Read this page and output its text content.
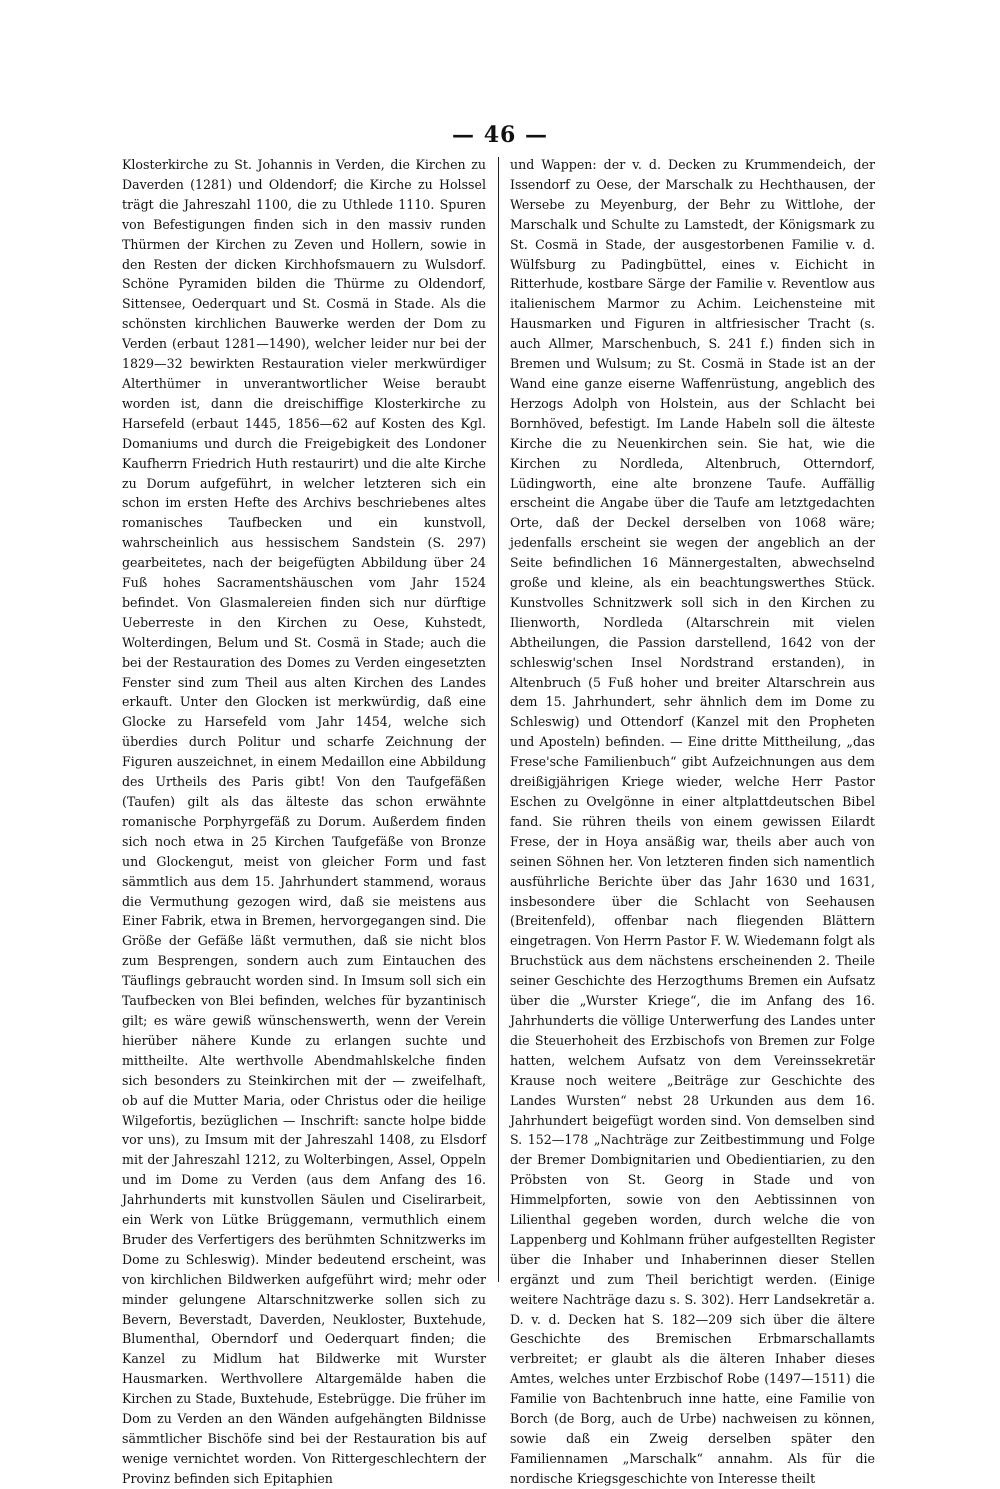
— 46 —

Klosterkirche zu St. Johannis in Verden, die Kirchen zu Daverden (1281) und Oldendorf; die Kirche zu Holssel trägt die Jahreszahl 1100, die zu Uthlede 1110. Spuren von Befestigungen finden sich in den massiv runden Thürmen der Kirchen zu Zeven und Hollern, sowie in den Resten der dicken Kirchhofsmauern zu Wulsdorf. Schöne Pyramiden bilden die Thürme zu Oldendorf, Sittensee, Oederquart und St. Cosmä in Stade. Als die schönsten kirchlichen Bauwerke werden der Dom zu Verden (erbaut 1281—1490), welcher leider nur bei der 1829—32 bewirkten Restauration vieler merkwürdiger Alterthümer in unverantwortlicher Weise beraubt worden ist, dann die dreischiffige Klosterkirche zu Harsefeld (erbaut 1445, 1856—62 auf Kosten des Kgl. Domaniums und durch die Freigebigkeit des Londoner Kaufherrn Friedrich Huth restaurirt) und die alte Kirche zu Dorum aufgeführt, in welcher letzteren sich ein schon im ersten Hefte des Archivs beschriebenes altes romanisches Taufbecken und ein kunstvoll, wahrscheinlich aus hessischem Sandstein (S. 297) gearbeitetes, nach der beigefügten Abbildung über 24 Fuß hohes Sacramentshäuschen vom Jahr 1524 befindet. Von Glasmalereien finden sich nur dürftige Ueberreste in den Kirchen zu Oese, Kuhstedt, Wolterdingen, Belum und St. Cosmä in Stade; auch die bei der Restauration des Domes zu Verden eingesetzten Fenster sind zum Theil aus alten Kirchen des Landes erkauft. Unter den Glocken ist merkwürdig, daß eine Glocke zu Harsefeld vom Jahr 1454, welche sich überdies durch Politur und scharfe Zeichnung der Figuren auszeichnet, in einem Medaillon eine Abbildung des Urtheils des Paris gibt! Von den Taufgefäßen (Taufen) gilt als das älteste das schon erwähnte romanische Porphyrgefäß zu Dorum. Außerdem finden sich noch etwa in 25 Kirchen Taufgefäße von Bronze und Glockengut, meist von gleicher Form und fast sämmtlich aus dem 15. Jahrhundert stammend, woraus die Vermuthung gezogen wird, daß sie meistens aus Einer Fabrik, etwa in Bremen, hervorgegangen sind. Die Größe der Gefäße läßt vermuthen, daß sie nicht blos zum Besprengen, sondern auch zum Eintauchen des Täuflings gebraucht worden sind. In Imsum soll sich ein Taufbecken von Blei befinden, welches für byzantinisch gilt; es wäre gewiß wünschenswerth, wenn der Verein hierüber nähere Kunde zu erlangen suchte und mittheilte. Alte werthvolle Abendmahlskelche finden sich besonders zu Steinkirchen mit der — zweifelhaft, ob auf die Mutter Maria, oder Christus oder die heilige Wilgefortis, bezüglichen — Inschrift: sancte holpe bidde vor uns), zu Imsum mit der Jahreszahl 1408, zu Elsdorf mit der Jahreszahl 1212, zu Wolterbingen, Assel, Oppeln und im Dome zu Verden (aus dem Anfang des 16. Jahrhunderts mit kunstvollen Säulen und Ciselirarbeit, ein Werk von Lütke Brüggemann, vermuthlich einem Bruder des Verfertigers des berühmten Schnitzwerks im Dome zu Schleswig). Minder bedeutend erscheint, was von kirchlichen Bildwerken aufgeführt wird; mehr oder minder gelungene Altarschnitzwerke sollen sich zu Bevern, Beverstadt, Daverden, Neukloster, Buxtehude, Blumenthal, Oberndorf und Oederquart finden; die Kanzel zu Midlum hat Bildwerke mit Wurster Hausmarken. Werthvollere Altargemälde haben die Kirchen zu Stade, Buxtehude, Estebrügge. Die früher im Dom zu Verden an den Wänden aufgehängten Bildnisse sämmtlicher Bischöfe sind bei der Restauration bis auf wenige vernichtet worden. Von Rittergeschlechtern der Provinz befinden sich Epitaphien

und Wappen: der v. d. Decken zu Krummendeich, der Issendorf zu Oese, der Marschalk zu Hechthausen, der Wersebe zu Meyenburg, der Behr zu Wittlohe, der Marschalk und Schulte zu Lamstedt, der Königsmark zu St. Cosmä in Stade, der ausgestorbenen Familie v. d. Wülfsburg zu Padingbüttel, eines v. Eichicht in Ritterhude, kostbare Särge der Familie v. Reventlow aus italienischem Marmor zu Achim. Leichensteine mit Hausmarken und Figuren in altfriesischer Tracht (s. auch Allmer, Marschenbuch, S. 241 f.) finden sich in Bremen und Wulsum; zu St. Cosmä in Stade ist an der Wand eine ganze eiserne Waffenrüstung, angeblich des Herzogs Adolph von Holstein, aus der Schlacht bei Bornhöved, befestigt. Im Lande Habeln soll die älteste Kirche die zu Neuenkirchen sein. Sie hat, wie die Kirchen zu Nordleda, Altenbruch, Otterndorf, Lüdingworth, eine alte bronzene Taufe. Auffällig erscheint die Angabe über die Taufe am letztgedachten Orte, daß der Deckel derselben von 1068 wäre; jedenfalls erscheint sie wegen der angeblich an der Seite befindlichen 16 Männergestalten, abwechselnd große und kleine, als ein beachtungswerthes Stück. Kunstvolles Schnitzwerk soll sich in den Kirchen zu Ilienworth, Nordleda (Altarschrein mit vielen Abtheilungen, die Passion darstellend, 1642 von der schleswig'schen Insel Nordstrand erstanden), in Altenbruch (5 Fuß hoher und breiter Altarschrein aus dem 15. Jahrhundert, sehr ähnlich dem im Dome zu Schleswig) und Ottendorf (Kanzel mit den Propheten und Aposteln) befinden. — Eine dritte Mittheilung, „das Frese'sche Familienbuch“ gibt Aufzeichnungen aus dem dreißigjährigen Kriege wieder, welche Herr Pastor Eschen zu Ovelgönne in einer altplattdeutschen Bibel fand. Sie rühren theils von einem gewissen Eilardt Frese, der in Hoya ansäßig war, theils aber auch von seinen Söhnen her. Von letzteren finden sich namentlich ausführliche Berichte über das Jahr 1630 und 1631, insbesondere über die Schlacht von Seehausen (Breitenfeld), offenbar nach fliegenden Blättern eingetragen. Von Herrn Pastor F. W. Wiedemann folgt als Bruchstück aus dem nächstens erscheinenden 2. Theile seiner Geschichte des Herzogthums Bremen ein Aufsatz über die „Wurster Kriege“, die im Anfang des 16. Jahrhunderts die völlige Unterwerfung des Landes unter die Steuerhoheit des Erzbischofs von Bremen zur Folge hatten, welchem Aufsatz von dem Vereinssekretär Krause noch weitere „Beiträge zur Geschichte des Landes Wursten“ nebst 28 Urkunden aus dem 16. Jahrhundert beigefügt worden sind. Von demselben sind S. 152—178 „Nachträge zur Zeitbestimmung und Folge der Bremer Dombignitarien und Obedientiarien, zu den Pröbsten von St. Georg in Stade und von Himmelpforten, sowie von den Aebtissinnen von Lilienthal gegeben worden, durch welche die von Lappenberg und Kohlmann früher aufgestellten Register über die Inhaber und Inhaberinnen dieser Stellen ergänzt und zum Theil berichtigt werden. (Einige weitere Nachträge dazu s. S. 302). Herr Landsekretär a. D. v. d. Decken hat S. 182—209 sich über die ältere Geschichte des Bremischen Erbmarschallamts verbreitet; er glaubt als die älteren Inhaber dieses Amtes, welches unter Erzbischof Robe (1497—1511) die Familie von Bachtenbruch inne hatte, eine Familie von Borch (de Borg, auch de Urbe) nachweisen zu können, sowie daß ein Zweig derselben später den Familiennamen „Marschalk“ annahm. Als für die nordische Kriegsgeschichte von Interesse theilt
